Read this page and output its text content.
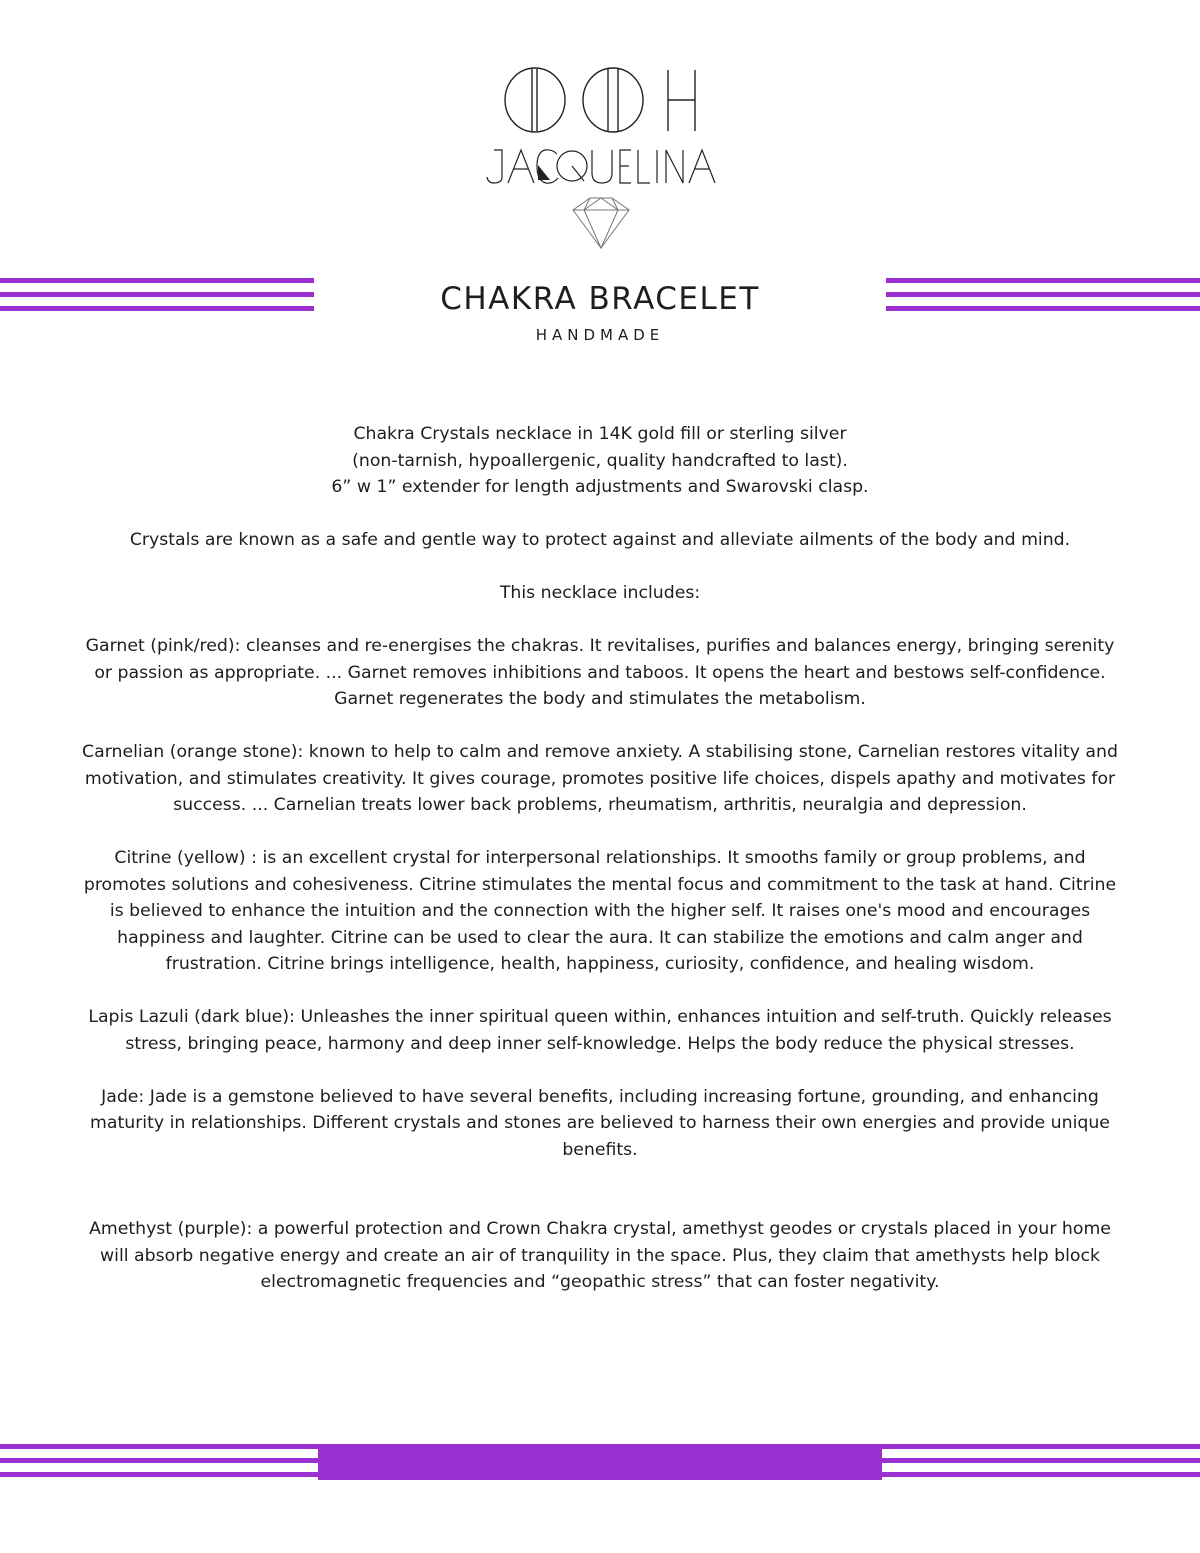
CHAKRA BRACELET
HANDMADE

Chakra Crystals necklace in 14K gold fill or sterling silver
(non-tarnish, hypoallergenic, quality handcrafted to last).
6” w 1” extender for length adjustments and Swarovski clasp.

Crystals are known as a safe and gentle way to protect against and alleviate ailments of the body and mind.

This necklace includes:

Garnet (pink/red): cleanses and re-energises the chakras. It revitalises, purifies and balances energy, bringing serenity or passion as appropriate. ... Garnet removes inhibitions and taboos. It opens the heart and bestows self-confidence. Garnet regenerates the body and stimulates the metabolism.

Carnelian (orange stone): known to help to calm and remove anxiety. A stabilising stone, Carnelian restores vitality and motivation, and stimulates creativity. It gives courage, promotes positive life choices, dispels apathy and motivates for success. ... Carnelian treats lower back problems, rheumatism, arthritis, neuralgia and depression.

Citrine (yellow) : is an excellent crystal for interpersonal relationships. It smooths family or group problems, and promotes solutions and cohesiveness. Citrine stimulates the mental focus and commitment to the task at hand. Citrine is believed to enhance the intuition and the connection with the higher self. It raises one's mood and encourages happiness and laughter. Citrine can be used to clear the aura. It can stabilize the emotions and calm anger and frustration. Citrine brings intelligence, health, happiness, curiosity, confidence, and healing wisdom.

Lapis Lazuli (dark blue): Unleashes the inner spiritual queen within, enhances intuition and self-truth. Quickly releases stress, bringing peace, harmony and deep inner self-knowledge. Helps the body reduce the physical stresses.

Jade: Jade is a gemstone believed to have several benefits, including increasing fortune, grounding, and enhancing maturity in relationships. Different crystals and stones are believed to harness their own energies and provide unique benefits.

Amethyst (purple): a powerful protection and Crown Chakra crystal, amethyst geodes or crystals placed in your home will absorb negative energy and create an air of tranquility in the space. Plus, they claim that amethysts help block electromagnetic frequencies and “geopathic stress” that can foster negativity.
